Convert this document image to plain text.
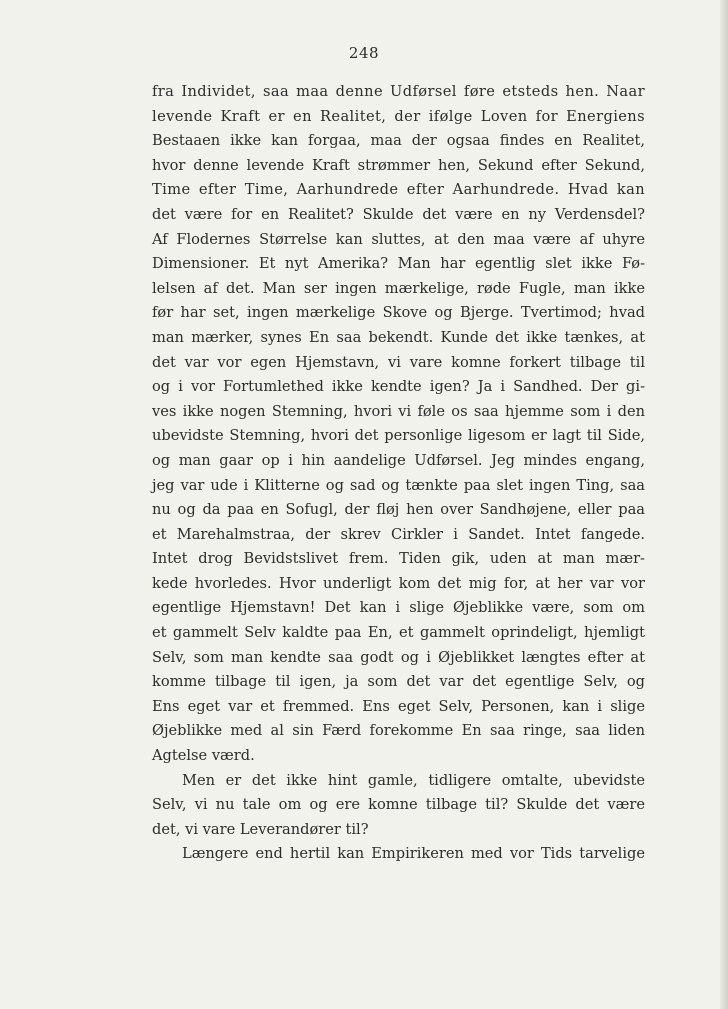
248
fra Individet, saa maa denne Udførsel føre etsteds hen. Naar
levende Kraft er en Realitet, der ifølge Loven for Energiens
Bestaaen ikke kan forgaa, maa der ogsaa findes en Realitet,
hvor denne levende Kraft strømmer hen, Sekund efter Sekund,
Time efter Time, Aarhundrede efter Aarhundrede. Hvad kan
det være for en Realitet? Skulde det være en ny Verdensdel?
Af Flodernes Størrelse kan sluttes, at den maa være af uhyre
Dimensioner. Et nyt Amerika? Man har egentlig slet ikke Fø-
lelsen af det. Man ser ingen mærkelige, røde Fugle, man ikke
før har set, ingen mærkelige Skove og Bjerge. Tvertimod; hvad
man mærker, synes En saa bekendt. Kunde det ikke tænkes, at
det var vor egen Hjemstavn, vi vare komne forkert tilbage til
og i vor Fortumlethed ikke kendte igen? Ja i Sandhed. Der gi-
ves ikke nogen Stemning, hvori vi føle os saa hjemme som i den
ubevidste Stemning, hvori det personlige ligesom er lagt til Side,
og man gaar op i hin aandelige Udførsel. Jeg mindes engang,
jeg var ude i Klitterne og sad og tænkte paa slet ingen Ting, saa
nu og da paa en Sofugl, der fløj hen over Sandhøjene, eller paa
et Marehalmstraa, der skrev Cirkler i Sandet. Intet fangede.
Intet drog Bevidstslivet frem. Tiden gik, uden at man mær-
kede hvorledes. Hvor underligt kom det mig for, at her var vor
egentlige Hjemstavn! Det kan i slige Øjeblikke være, som om
et gammelt Selv kaldte paa En, et gammelt oprindeligt, hjemligt
Selv, som man kendte saa godt og i Øjeblikket længtes efter at
komme tilbage til igen, ja som det var det egentlige Selv, og
Ens eget var et fremmed. Ens eget Selv, Personen, kan i slige
Øjeblikke med al sin Færd forekomme En saa ringe, saa liden
Agtelse værd.
Men er det ikke hint gamle, tidligere omtalte, ubevidste
Selv, vi nu tale om og ere komne tilbage til? Skulde det være
det, vi vare Leverandører til?
Længere end hertil kan Empirikeren med vor Tids tarvelige
